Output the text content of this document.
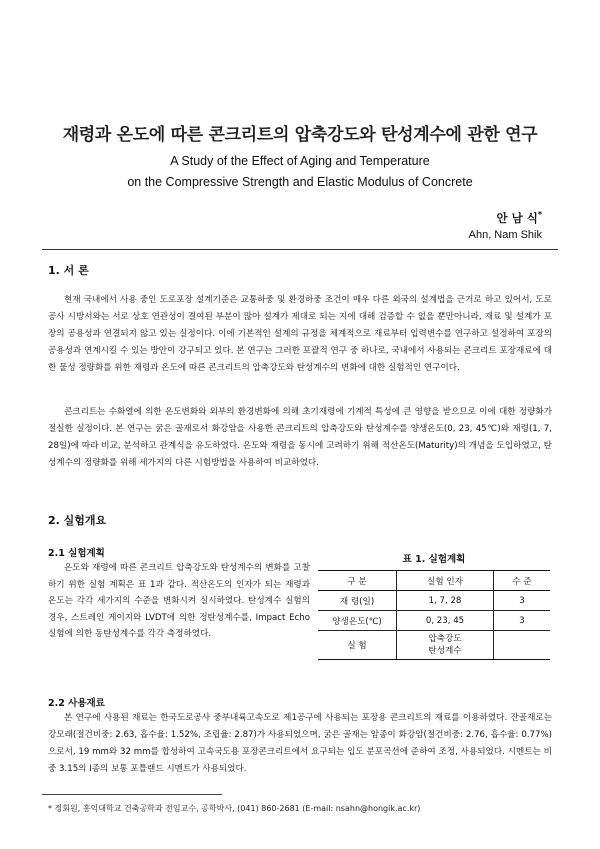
재령과 온도에 따른 콘크리트의 압축강도와 탄성계수에 관한 연구
A Study of the Effect of Aging and Temperature
on the Compressive Strength and Elastic Modulus of Concrete
안 남 식*
Ahn, Nam Shik
1. 서 론

현재 국내에서 사용 중인 도로포장 설계기준은 교통하중 및 환경하중 조건이 매우 다른 외국의 설계법을 근거로 하고 있어서, 도로공사 시방서와는 서로 상호 연관성이 결여된 부분이 많아 설계가 제대로 되는 지에 대해 검증할 수 없을 뿐만아니라, 재료 및 설계가 포장의 공용성과 연결되지 않고 있는 실정이다. 이에 기본적인 설계의 규정을 체계적으로 재료부터 입력변수를 연구하고 설정하여 포장의 공용성과 연계시킬 수 있는 방안이 강구되고 있다. 본 연구는 그러한 포괄적 연구 중 하나로, 국내에서 사용되는 콘크리트 포장재료에 대한 물성 정량화를 위한 재령과 온도에 따른 콘크리트의 압축강도와 탄성계수의 변화에 대한 실험적인 연구이다.

콘크리트는 수화열에 의한 온도변화와 외부의 환경변화에 의해 초기재령에 기계적 특성에 큰 영향을 받으므로 이에 대한 정량화가 절실한 실정이다. 본 연구는 굵은 골재로서 화강암을 사용한 콘크리트의 압축강도와 탄성계수를 양생온도(0, 23, 45℃)와 재령(1, 7, 28일)에 따라 비교, 분석하고 관계식을 유도하였다. 온도와 재령을 동시에 고려하기 위해 적산온도(Maturity)의 개념을 도입하였고, 탄성계수의 정량화를 위해 세가지의 다른 시험방법을 사용하여 비교하였다.

2. 실험개요
2.1 실험계획

온도와 재령에 따른 콘크리트 압축강도와 탄성계수의 변화를 고찰하기 위한 실험 계획은 표 1과 같다. 적산온도의 인자가 되는 재령과 온도는 각각 세가지의 수준을 변화시켜 실시하였다. 탄성계수 실험의 경우, 스트레인 게이지와 LVDT에 의한 정탄성계수를, Impact Echo 실험에 의한 동탄성계수를 각각 측정하였다.

표 1. 실험계획
구 분	실험 인자	수 준
재 령(일)	1, 7, 28	3
양생온도(℃)	0, 23, 45	3
실 험	압축강도
탄성계수	
2.2 사용재료

본 연구에 사용된 재료는 한국도로공사 중부내륙고속도로 제1공구에 사용되는 포장용 콘크리트의 재료를 이용하였다. 잔골재로는 강모래(절건비중: 2.63, 흡수율: 1.52%, 조립율: 2.87)가 사용되었으며, 굵은 골재는 암종이 화강암(절건비중: 2.76, 흡수율: 0.77%)으로서, 19 mm와 32 mm를 합성하여 고속국도용 포장콘크리트에서 요구되는 입도 분포곡선에 준하여 조정, 사용되었다. 시멘트는 비중 3.15의 Ⅰ종의 보통 포틀랜드 시멘트가 사용되었다.

* 정회원, 홍익대학교 건축공학과 전임교수, 공학박사, (041) 860-2681 (E-mail: nsahn@hongik.ac.kr)
